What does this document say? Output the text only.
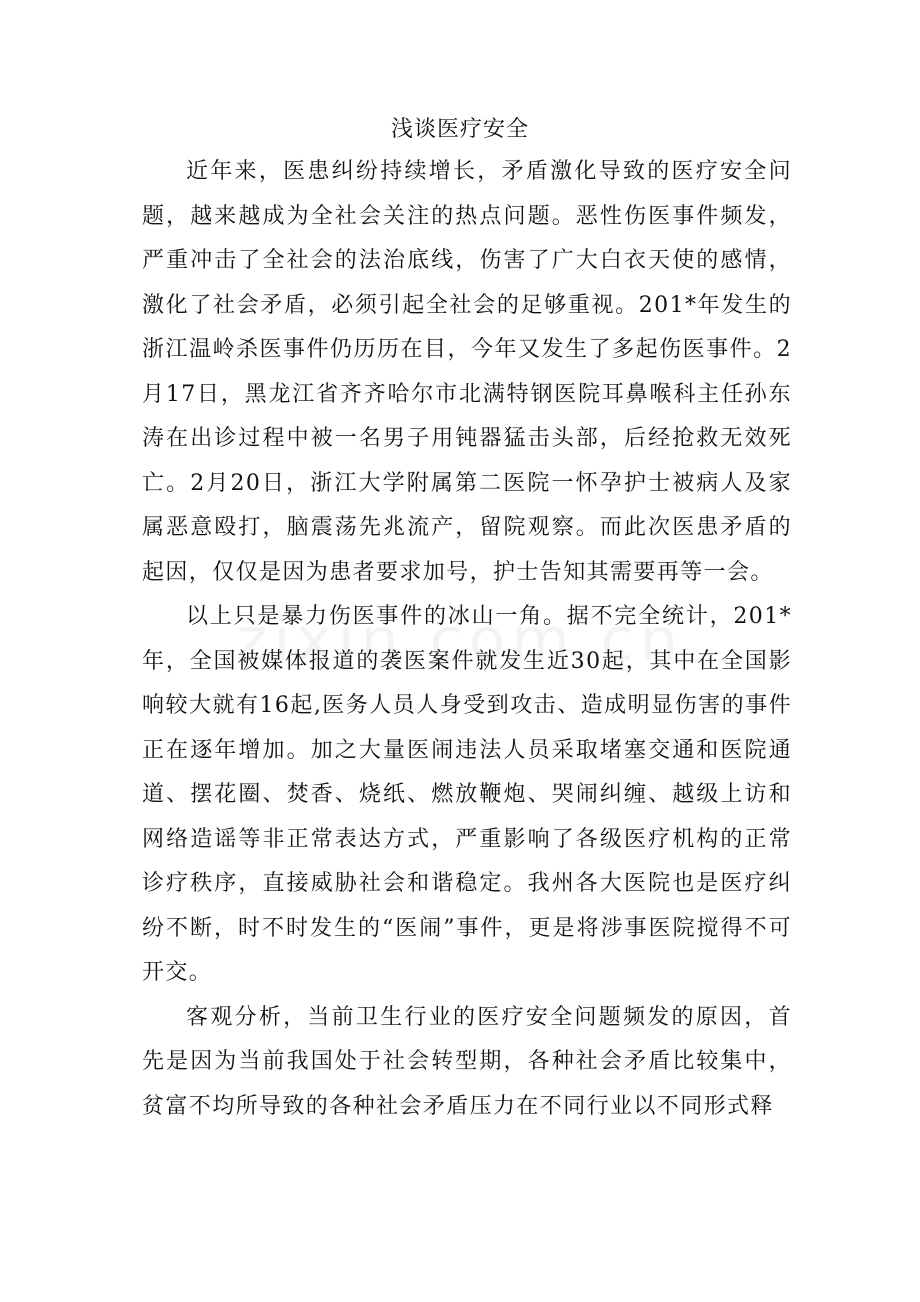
浅谈医疗安全

近年来，医患纠纷持续增长，矛盾激化导致的医疗安全问题，越来越成为全社会关注的热点问题。恶性伤医事件频发，严重冲击了全社会的法治底线，伤害了广大白衣天使的感情，激化了社会矛盾，必须引起全社会的足够重视。201*年发生的浙江温岭杀医事件仍历历在目，今年又发生了多起伤医事件。2月17日，黑龙江省齐齐哈尔市北满特钢医院耳鼻喉科主任孙东涛在出诊过程中被一名男子用钝器猛击头部，后经抢救无效死亡。2月20日，浙江大学附属第二医院一怀孕护士被病人及家属恶意殴打，脑震荡先兆流产，留院观察。而此次医患矛盾的起因，仅仅是因为患者要求加号，护士告知其需要再等一会。

以上只是暴力伤医事件的冰山一角。据不完全统计，201*年，全国被媒体报道的袭医案件就发生近30起，其中在全国影响较大就有16起,医务人员人身受到攻击、造成明显伤害的事件正在逐年增加。加之大量医闹违法人员采取堵塞交通和医院通道、摆花圈、焚香、烧纸、燃放鞭炮、哭闹纠缠、越级上访和网络造谣等非正常表达方式，严重影响了各级医疗机构的正常诊疗秩序，直接威胁社会和谐稳定。我州各大医院也是医疗纠纷不断，时不时发生的“医闹”事件，更是将涉事医院搅得不可开交。

客观分析，当前卫生行业的医疗安全问题频发的原因，首先是因为当前我国处于社会转型期，各种社会矛盾比较集中，贫富不均所导致的各种社会矛盾压力在不同行业以不同形式释
